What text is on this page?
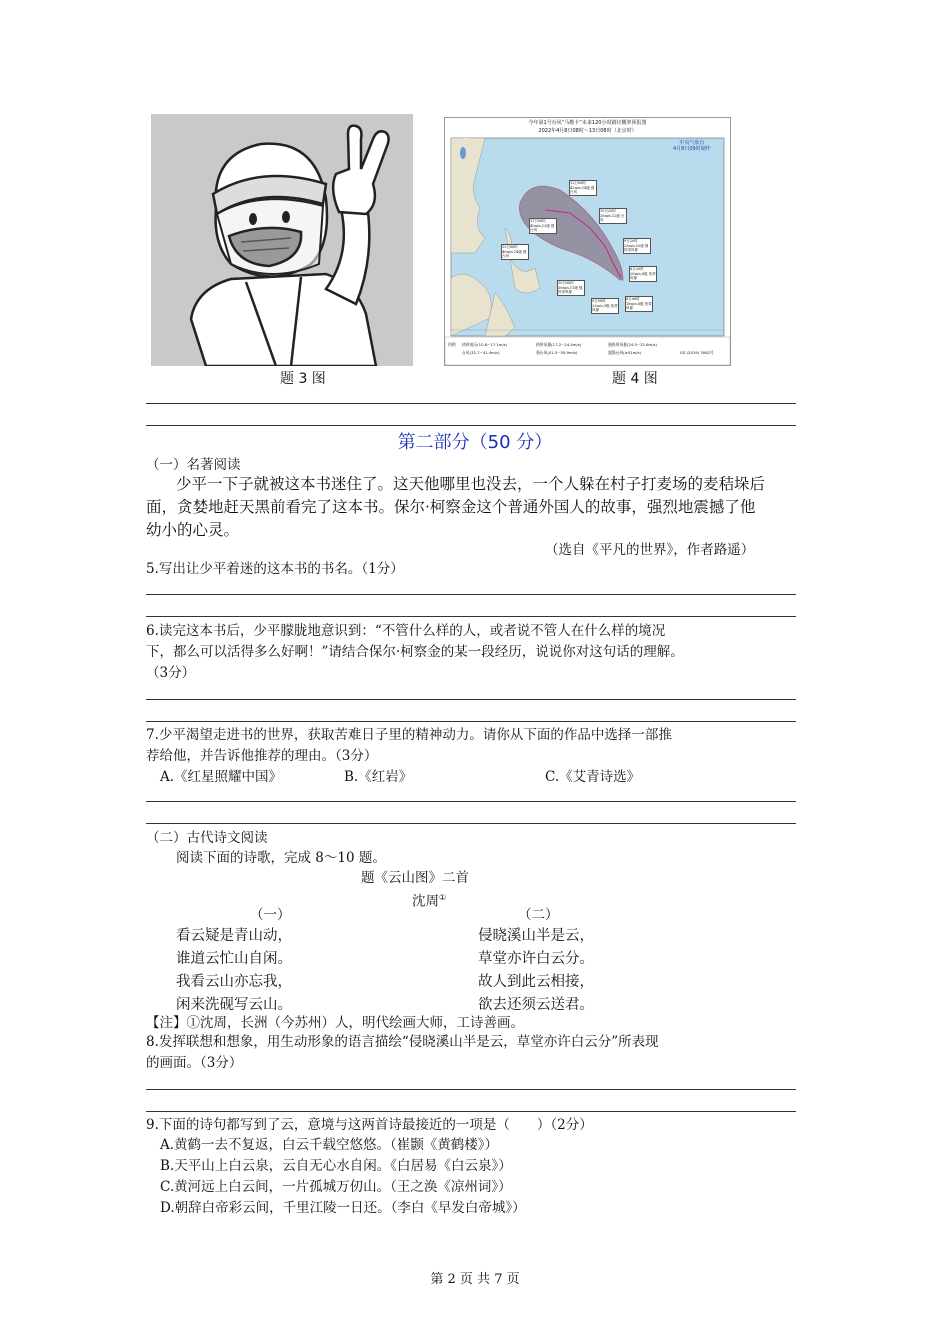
题 3 图
今年第1号台风“马勒卡”未来120小时路径概率预报图
2022年4月8日08时～13日08时（北京时）
中央气象台
4月8日09时制作
12日08时 42m/s,14级 强台风
10日20时 35m/s,12级 台风
11日08时 40m/s,13级 强台风
9日20时 25m/s,10级 强热带风暴
13日08时 40m/s,14级 强台风
8日20时 20m/s,8级 热带风暴
10日08时 30m/s,11级 强热带风暴
9日08时 23m/s,9级 热带风暴
8日08时 18m/s,8级 热带风暴
图例 热带低压(10.8~17.1m/s)	热带风暴(17.2~24.4m/s)	强热带风暴(24.5~32.6m/s)
台风(32.7~41.4m/s)	强台风(41.5~50.9m/s)	超强台风(≥51m/s)	GS (2019) 3082号
题 4 图
第二部分（50 分）
（一）名著阅读
少平一下子就被这本书迷住了。这天他哪里也没去，一个人躲在村子打麦场的麦秸垛后
面，贪婪地赶天黑前看完了这本书。保尔·柯察金这个普通外国人的故事，强烈地震撼了他
幼小的心灵。
（选自《平凡的世界》，作者路遥）
5.写出让少平着迷的这本书的书名。（1分）
6.读完这本书后，少平朦胧地意识到：“不管什么样的人，或者说不管人在什么样的境况
下，都么可以活得多么好啊！”请结合保尔·柯察金的某一段经历，说说你对这句话的理解。
（3分）
7.少平渴望走进书的世界，获取苦难日子里的精神动力。请你从下面的作品中选择一部推
荐给他，并告诉他推荐的理由。（3分）
A.《红星照耀中国》	B.《红岩》	C.《艾青诗选》
（二）古代诗文阅读
阅读下面的诗歌，完成 8～10 题。
题《云山图》二首
沈周①
（一）	（二）
看云疑是青山动，
谁道云忙山自闲。
我看云山亦忘我，
闲来洗砚写云山。
侵晓溪山半是云，
草堂亦许白云分。
故人到此云相接，
欲去还须云送君。
【注】①沈周，长洲（今苏州）人，明代绘画大师，工诗善画。
8.发挥联想和想象，用生动形象的语言描绘“侵晓溪山半是云，草堂亦许白云分”所表现
的画面。（3分）
9.下面的诗句都写到了云，意境与这两首诗最接近的一项是（　　）（2分）
A.黄鹤一去不复返，白云千载空悠悠。（崔颢《黄鹤楼》）
B.天平山上白云泉，云自无心水自闲。《白居易《白云泉》）
C.黄河远上白云间，一片孤城万仞山。（王之涣《凉州词》）
D.朝辞白帝彩云间，千里江陵一日还。（李白《早发白帝城》）
第 2 页 共 7 页
